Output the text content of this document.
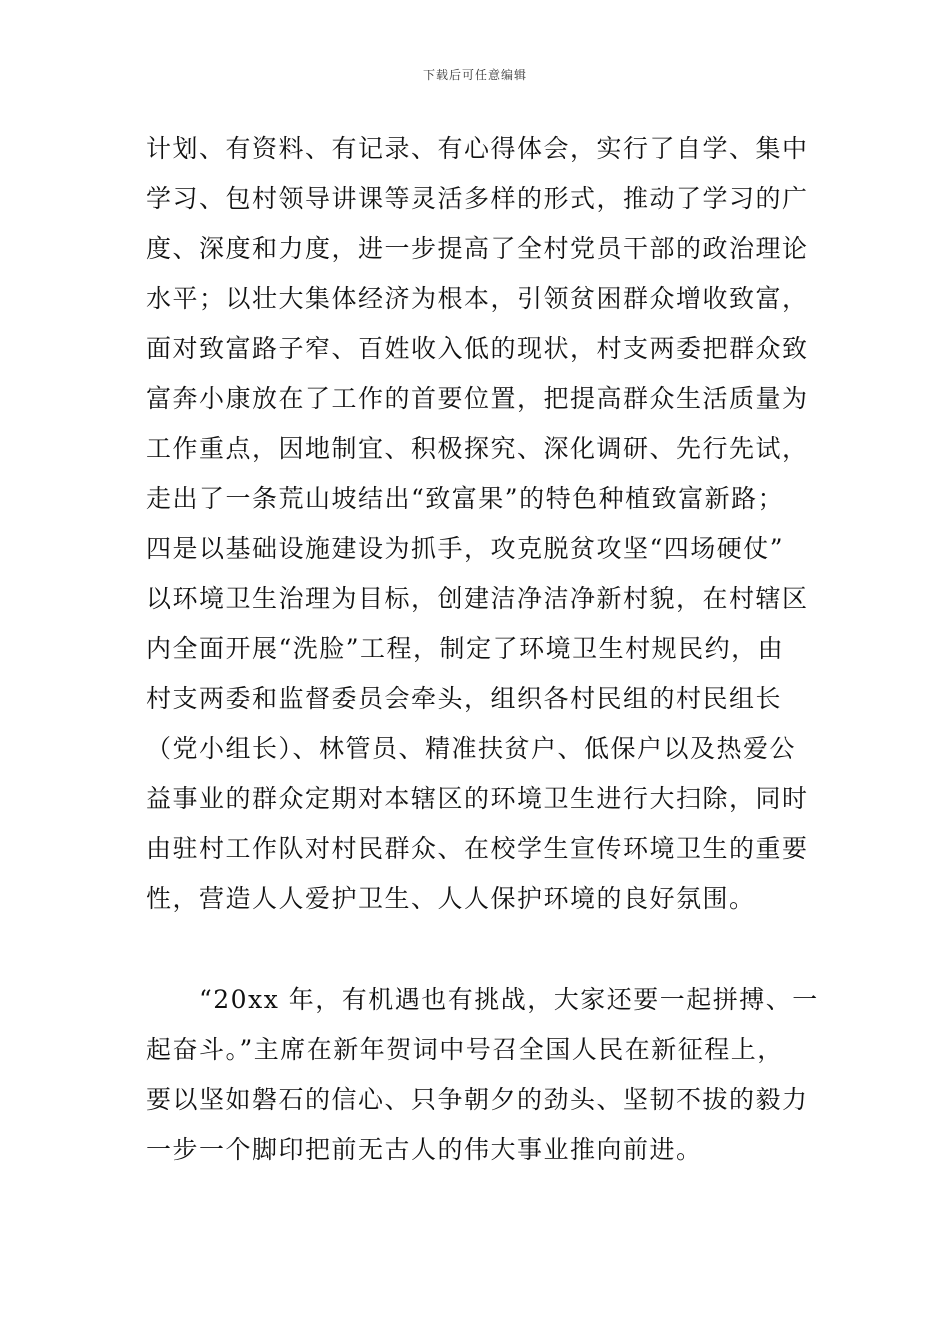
下载后可任意编辑
计划、有资料、有记录、有心得体会，实行了自学、集中
学习、包村领导讲课等灵活多样的形式，推动了学习的广
度、深度和力度，进一步提高了全村党员干部的政治理论
水平；以壮大集体经济为根本，引领贫困群众增收致富，
面对致富路子窄、百姓收入低的现状，村支两委把群众致
富奔小康放在了工作的首要位置，把提高群众生活质量为
工作重点，因地制宜、积极探究、深化调研、先行先试，
走出了一条荒山坡结出“致富果”的特色种植致富新路；
四是以基础设施建设为抓手，攻克脱贫攻坚“四场硬仗”
以环境卫生治理为目标，创建洁净洁净新村貌，在村辖区
内全面开展“洗脸”工程，制定了环境卫生村规民约，由
村支两委和监督委员会牵头，组织各村民组的村民组长
（党小组长）、林管员、精准扶贫户、低保户以及热爱公
益事业的群众定期对本辖区的环境卫生进行大扫除，同时
由驻村工作队对村民群众、在校学生宣传环境卫生的重要
性，营造人人爱护卫生、人人保护环境的良好氛围。
　　“20xx 年，有机遇也有挑战，大家还要一起拼搏、一
起奋斗。”主席在新年贺词中号召全国人民在新征程上，
要以坚如磐石的信心、只争朝夕的劲头、坚韧不拔的毅力
一步一个脚印把前无古人的伟大事业推向前进。
